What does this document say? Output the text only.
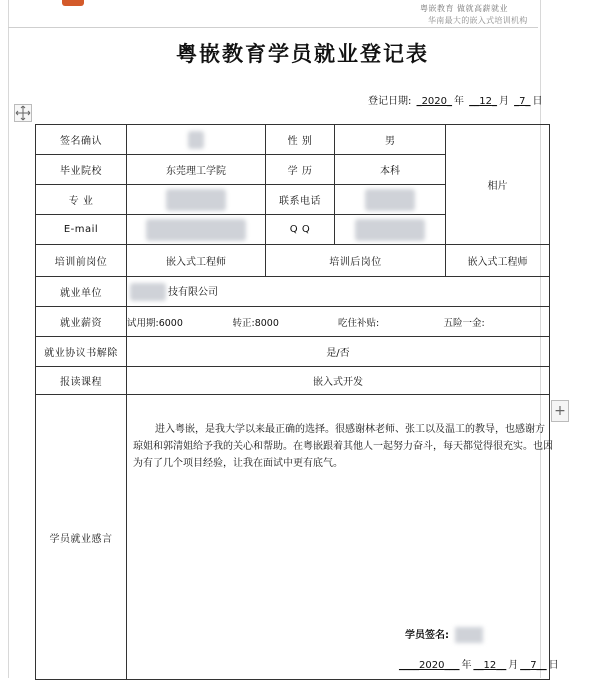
粤嵌教育 做就高薪就业
华南最大的嵌入式培训机构
粤嵌教育学员就业登记表
登记日期: _2020_ 年 __12_ 月 _7_ 日
+
签名确认		性 别	男	相片
毕业院校	东莞理工学院	学 历	本科	
专 业		联系电话		
E-mail		Q Q		
培训前岗位	嵌入式工程师	培训后岗位		嵌入式工程师
就业单位	技有限公司			
就业薪资	试用期:6000 转正:8000 吃住补贴: 五险一金:			

就业协议书解除	是/否			
报读课程	嵌入式开发			
学员就业感言	进入粤嵌，是我大学以来最正确的选择。很感谢林老师、张工以及温工的教导，也感谢方琼姐和郭清姐给予我的关心和帮助。在粤嵌跟着其他人一起努力奋斗，每天都觉得很充实。也因为有了几个项目经验，让我在面试中更有底气。
学员签名:
____2020___ 年 __12__ 月 __7__ 日			
